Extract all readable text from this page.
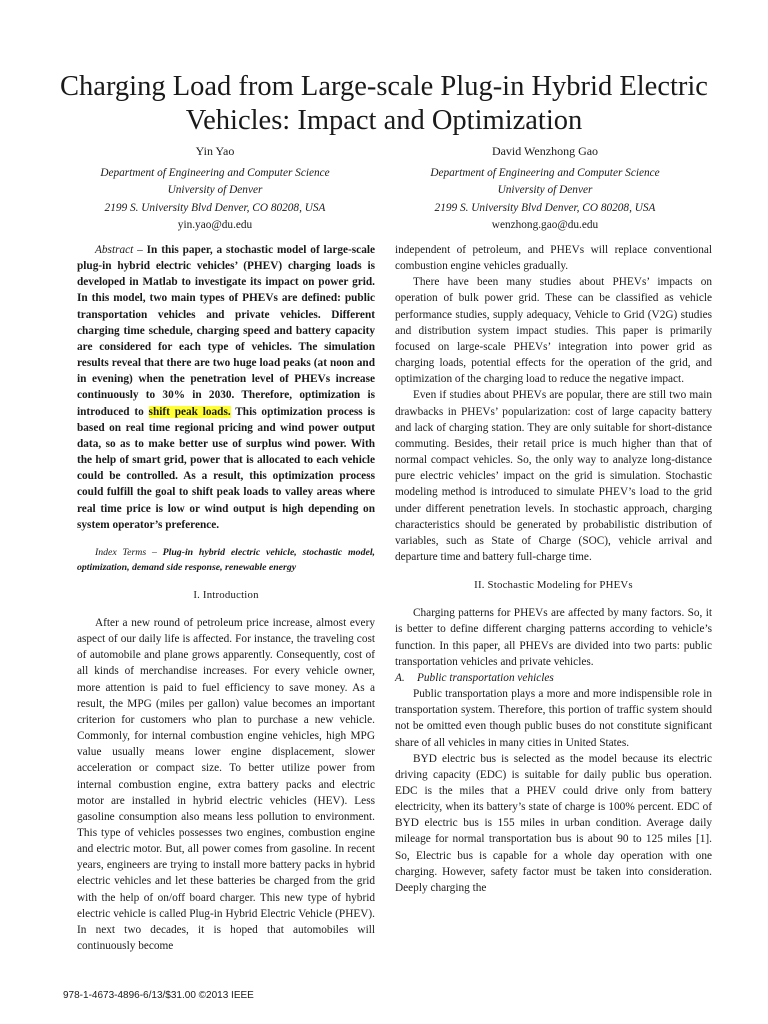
Charging Load from Large-scale Plug-in Hybrid Electric Vehicles: Impact and Optimization
Yin Yao
Department of Engineering and Computer Science
University of Denver
2199 S. University Blvd Denver, CO 80208, USA
yin.yao@du.edu
David Wenzhong Gao
Department of Engineering and Computer Science
University of Denver
2199 S. University Blvd Denver, CO 80208, USA
wenzhong.gao@du.edu

Abstract – In this paper, a stochastic model of large-scale plug-in hybrid electric vehicles’ (PHEV) charging loads is developed in Matlab to investigate its impact on power grid. In this model, two main types of PHEVs are defined: public transportation vehicles and private vehicles. Different charging time schedule, charging speed and battery capacity are considered for each type of vehicles. The simulation results reveal that there are two huge load peaks (at noon and in evening) when the penetration level of PHEVs increase continuously to 30% in 2030. Therefore, optimization is introduced to shift peak loads. This optimization process is based on real time regional pricing and wind power output data, so as to make better use of surplus wind power. With the help of smart grid, power that is allocated to each vehicle could be controlled. As a result, this optimization process could fulfill the goal to shift peak loads to valley areas where real time price is low or wind output is high depending on system operator’s preference.

Index Terms – Plug-in hybrid electric vehicle, stochastic model, optimization, demand side response, renewable energy

I. Introduction

After a new round of petroleum price increase, almost every aspect of our daily life is affected. For instance, the traveling cost of automobile and plane grows apparently. Consequently, cost of all kinds of merchandise increases. For every vehicle owner, more attention is paid to fuel efficiency to save money. As a result, the MPG (miles per gallon) value becomes an important criterion for customers who plan to purchase a new vehicle. Commonly, for internal combustion engine vehicles, high MPG value usually means lower engine displacement, slower acceleration or compact size. To better utilize power from internal combustion engine, extra battery packs and electric motor are installed in hybrid electric vehicles (HEV). Less gasoline consumption also means less pollution to environment. This type of vehicles possesses two engines, combustion engine and electric motor. But, all power comes from gasoline. In recent years, engineers are trying to install more battery packs in hybrid electric vehicles and let these batteries be charged from the grid with the help of on/off board charger. This new type of hybrid electric vehicle is called Plug-in Hybrid Electric Vehicle (PHEV). In next two decades, it is hoped that automobiles will continuously become

independent of petroleum, and PHEVs will replace conventional combustion engine vehicles gradually.

There have been many studies about PHEVs’ impacts on operation of bulk power grid. These can be classified as vehicle performance studies, supply adequacy, Vehicle to Grid (V2G) studies and distribution system impact studies. This paper is primarily focused on large-scale PHEVs’ integration into power grid as charging loads, potential effects for the operation of the grid, and optimization of the charging load to reduce the negative impact.

Even if studies about PHEVs are popular, there are still two main drawbacks in PHEVs’ popularization: cost of large capacity battery and lack of charging station. They are only suitable for short-distance commuting. Besides, their retail price is much higher than that of normal compact vehicles. So, the only way to analyze long-distance pure electric vehicles’ impact on the grid is simulation. Stochastic modeling method is introduced to simulate PHEV’s load to the grid under different penetration levels. In stochastic approach, charging characteristics should be generated by probabilistic distribution of variables, such as State of Charge (SOC), vehicle arrival and departure time and battery full-charge time.

II. Stochastic Modeling for PHEVs

Charging patterns for PHEVs are affected by many factors. So, it is better to define different charging patterns according to vehicle’s function. In this paper, all PHEVs are divided into two parts: public transportation vehicles and private vehicles.

A. Public transportation vehicles

Public transportation plays a more and more indispensible role in transportation system. Therefore, this portion of traffic system should not be omitted even though public buses do not constitute significant share of all vehicles in many cities in United States.

BYD electric bus is selected as the model because its electric driving capacity (EDC) is suitable for daily public bus operation. EDC is the miles that a PHEV could drive only from battery electricity, when its battery’s state of charge is 100% percent. EDC of BYD electric bus is 155 miles in urban condition. Average daily mileage for normal transportation bus is about 90 to 125 miles [1]. So, Electric bus is capable for a whole day operation with one charging. However, safety factor must be taken into consideration. Deeply charging the

978-1-4673-4896-6/13/$31.00 ©2013 IEEE
